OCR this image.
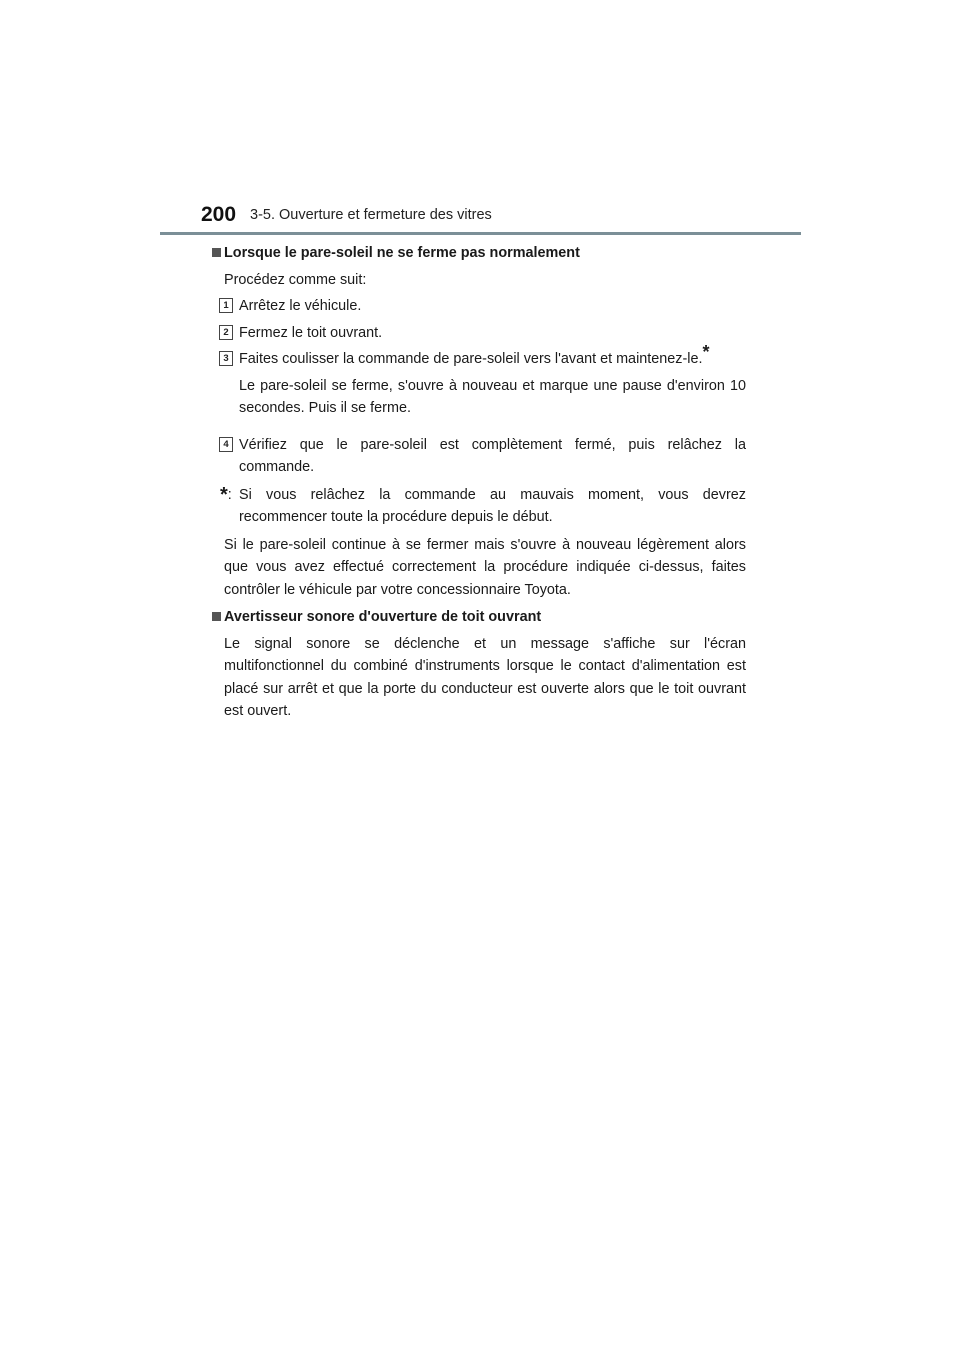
200 3-5. Ouverture et fermeture des vitres

Lorsque le pare-soleil ne se ferme pas normalement

Procédez comme suit:

1 Arrêtez le véhicule.
2 Fermez le toit ouvrant.
3 Faites coulisser la commande de pare-soleil vers l'avant et maintenez-le.*

Le pare-soleil se ferme, s'ouvre à nouveau et marque une pause d'environ 10 secondes. Puis il se ferme.

4 Vérifiez que le pare-soleil est complètement fermé, puis relâchez la commande.
*: Si vous relâchez la commande au mauvais moment, vous devrez recommencer toute la procédure depuis le début.

Si le pare-soleil continue à se fermer mais s'ouvre à nouveau légèrement alors que vous avez effectué correctement la procédure indiquée ci-dessus, faites contrôler le véhicule par votre concessionnaire Toyota.

Avertisseur sonore d'ouverture de toit ouvrant

Le signal sonore se déclenche et un message s'affiche sur l'écran multifonctionnel du combiné d'instruments lorsque le contact d'alimentation est placé sur arrêt et que la porte du conducteur est ouverte alors que le toit ouvrant est ouvert.
